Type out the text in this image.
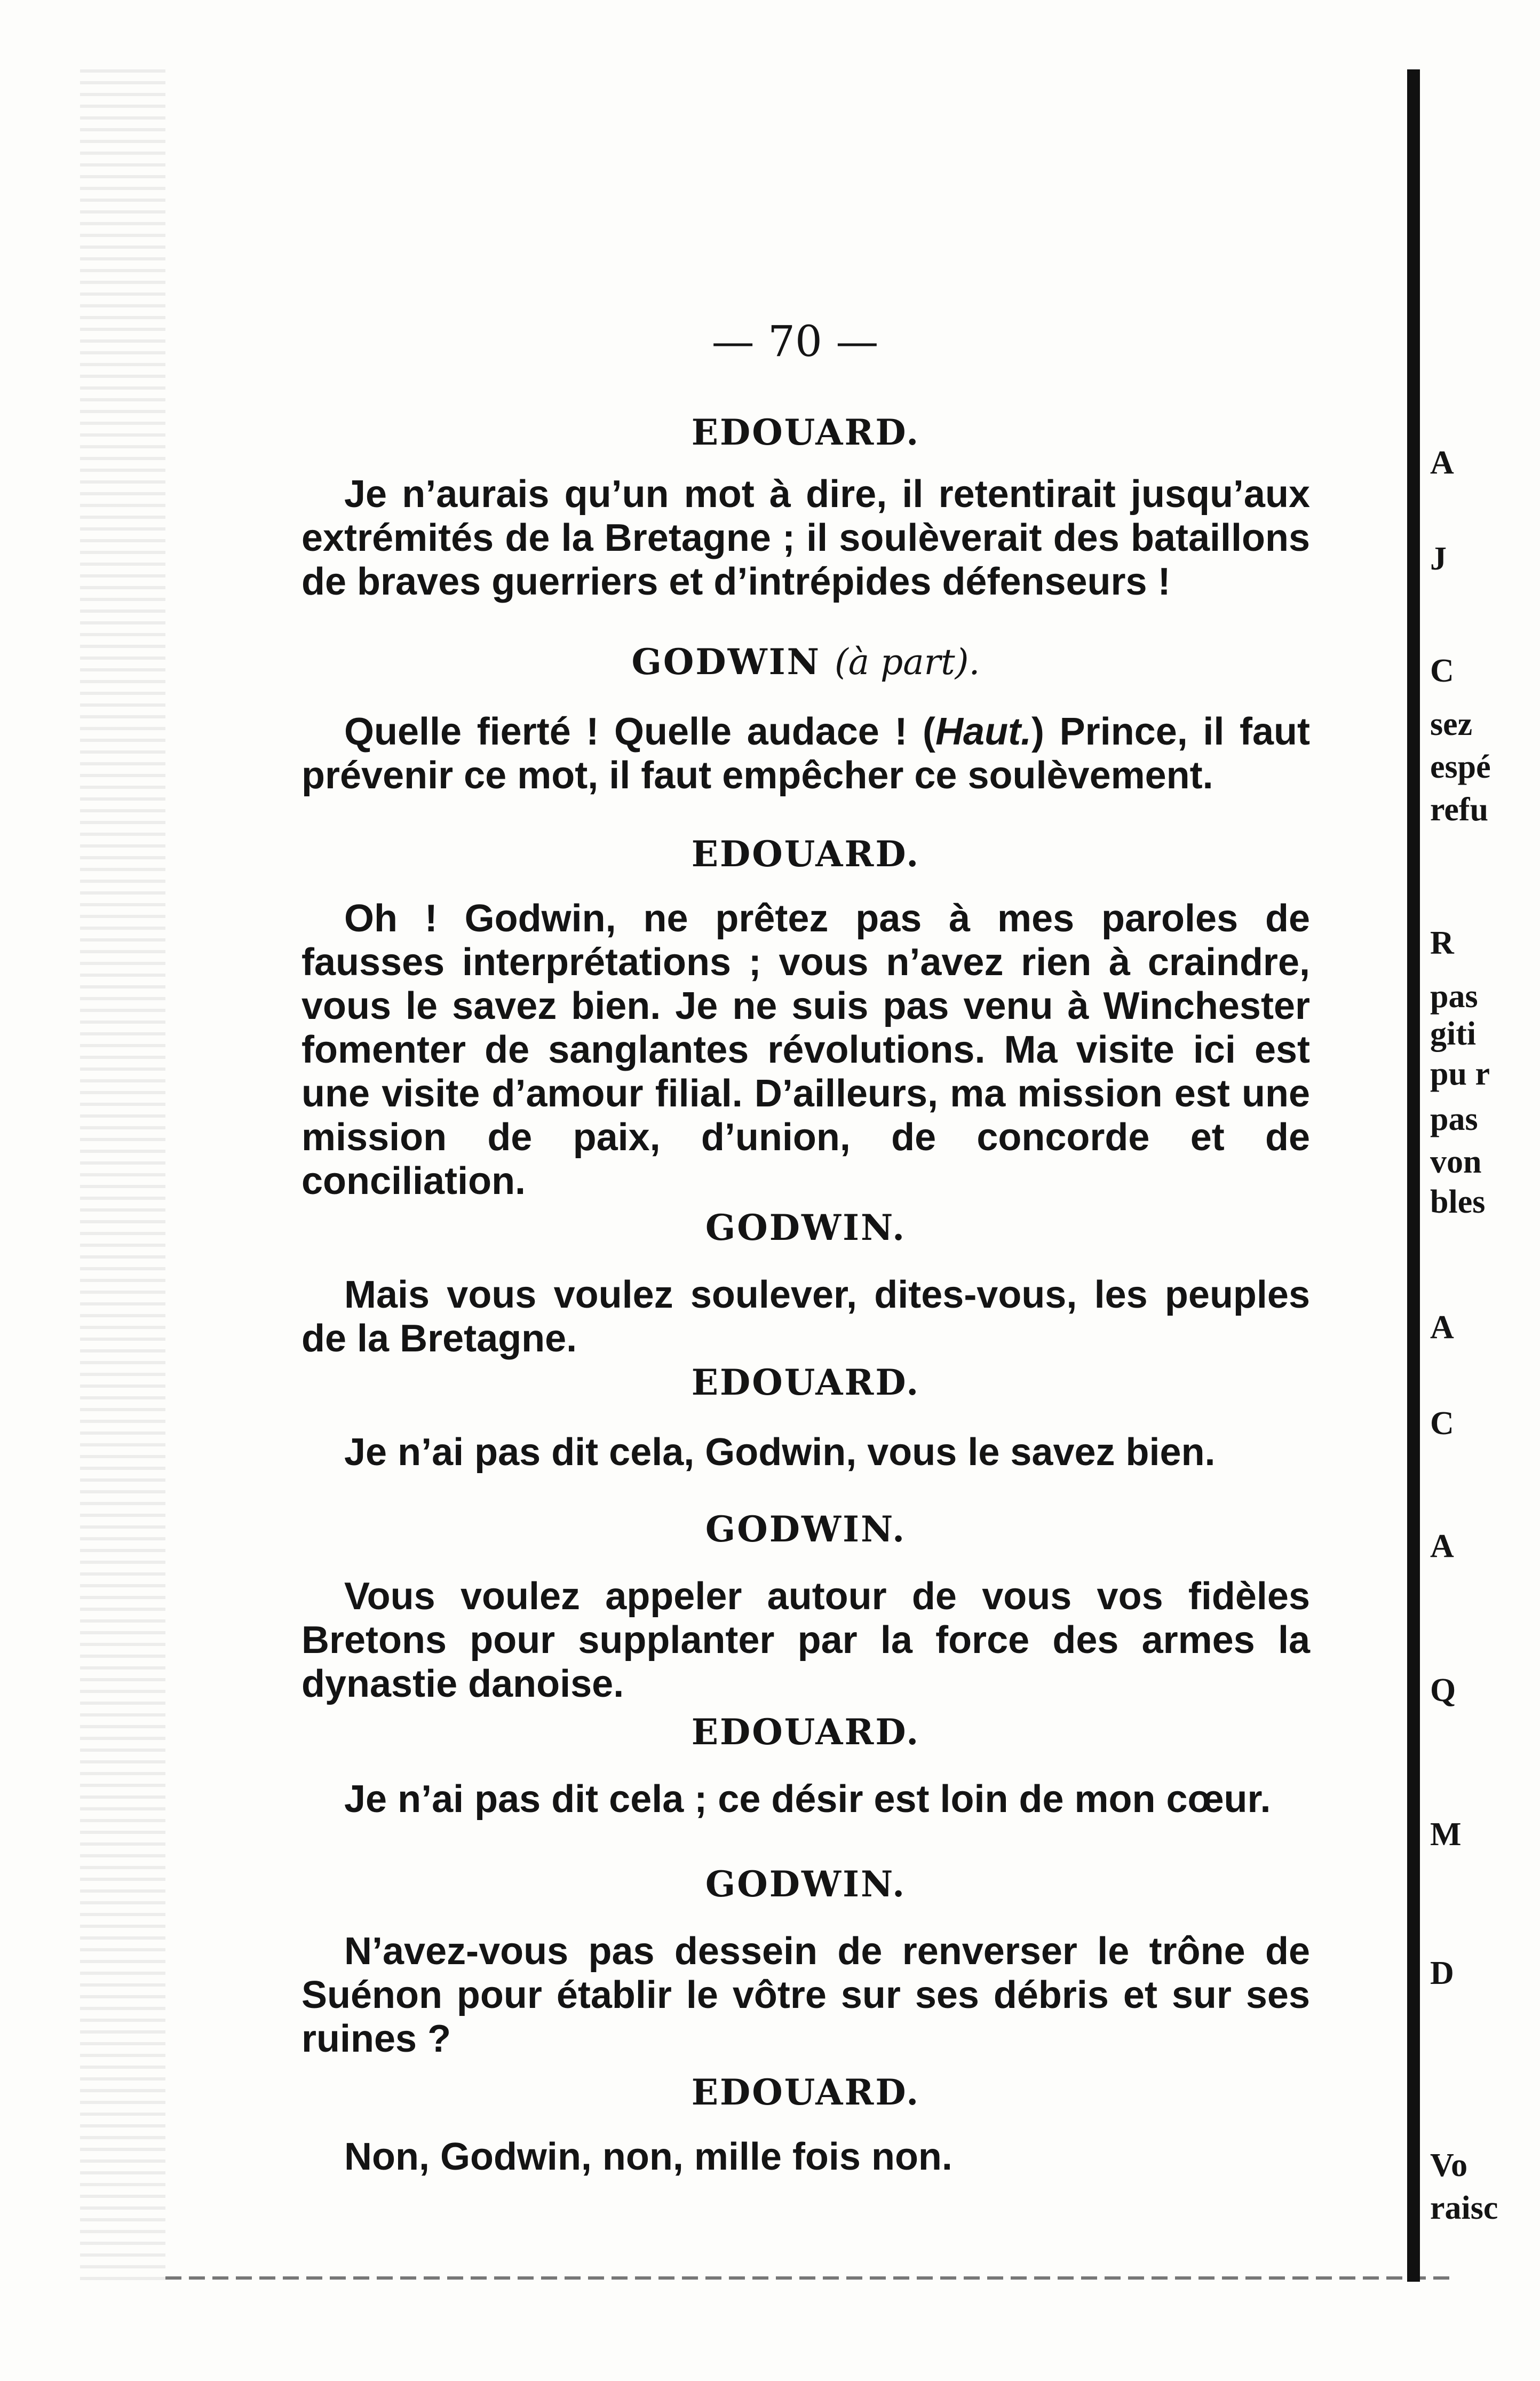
— 70 —
EDOUARD.
Je n’aurais qu’un mot à dire, il retentirait jusqu’aux extrémités de la Bretagne ; il soulèverait des bataillons de braves guerriers et d’intrépides défenseurs !
GODWIN (à part).
Quelle fierté ! Quelle audace ! (Haut.) Prince, il faut prévenir ce mot, il faut empêcher ce soulèvement.
EDOUARD.
Oh ! Godwin, ne prêtez pas à mes paroles de fausses interprétations ; vous n’avez rien à craindre, vous le savez bien. Je ne suis pas venu à Winchester fomenter de sanglantes révolutions. Ma visite ici est une visite d’amour filial. D’ailleurs, ma mission est une mission de paix, d’union, de concorde et de conciliation.
GODWIN.
Mais vous voulez soulever, dites-vous, les peuples de la Bretagne.
EDOUARD.
Je n’ai pas dit cela, Godwin, vous le savez bien.
GODWIN.
Vous voulez appeler autour de vous vos fidèles Bretons pour supplanter par la force des armes la dynastie danoise.
EDOUARD.
Je n’ai pas dit cela ; ce désir est loin de mon cœur.
GODWIN.
N’avez-vous pas dessein de renverser le trône de Suénon pour établir le vôtre sur ses débris et sur ses ruines ?
EDOUARD.
Non, Godwin, non, mille fois non.
A
J
C
sez
espé
refu
R
pas
giti
pu r
pas
von
bles
A
C
A
Q
M
D
Vo
raisc
